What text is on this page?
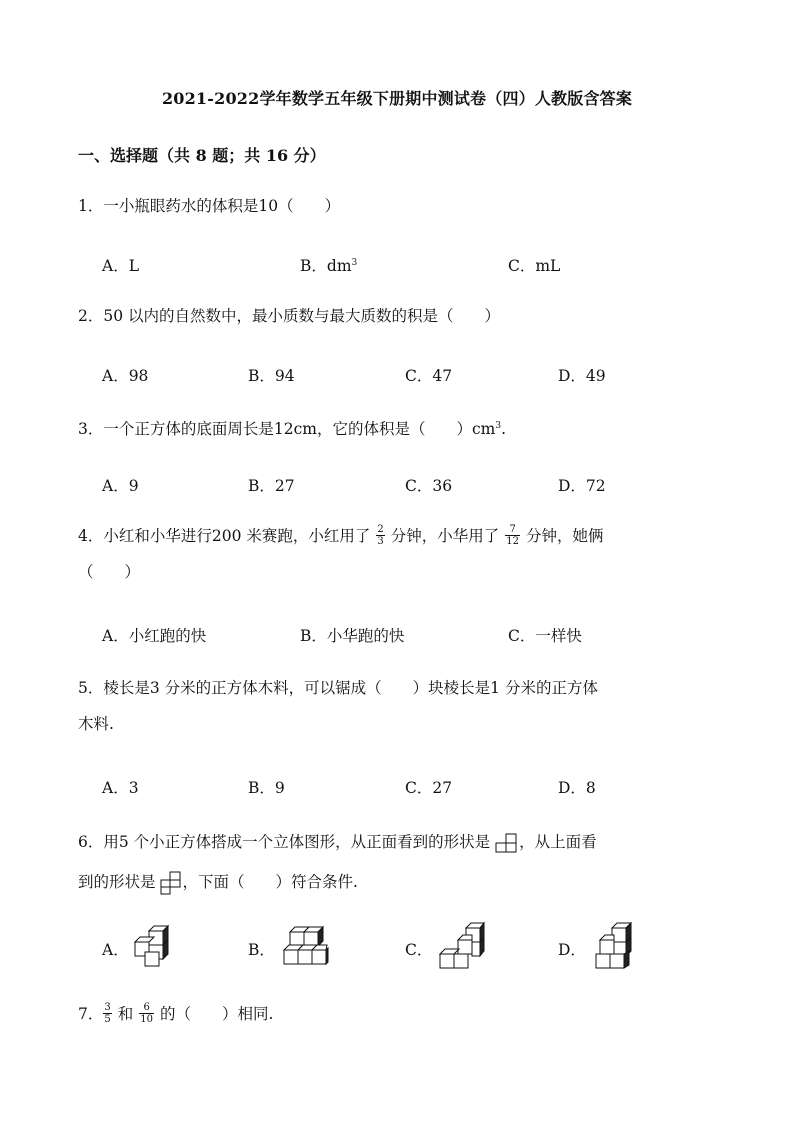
2021-2022学年数学五年级下册期中测试卷（四）人教版含答案
一、选择题（共 8 题；共 16 分）
1．一小瓶眼药水的体积是10（　　）
A．L	B．$dm^3$	C．mL
2．50 以内的自然数中，最小质数与最大质数的积是（　　）
A．98	B．94	C．47	D．49
3．一个正方体的底面周长是12cm，它的体积是（　　）$cm^3$.
A．9	B．27	C．36	D．72
4．小红和小华进行200 米赛跑，小红用了 $\frac{2}{3}$ 分钟，小华用了 $\frac{7}{12}$ 分钟，她俩
（　　）
A．小红跑的快	B．小华跑的快	C．一样快
5．棱长是3 分米的正方体木料，可以锯成（　　）块棱长是1 分米的正方体
木料.
A．3	B．9	C．27	D．8
6．用5 个小正方体搭成一个立体图形，从正面看到的形状是 ，从上面看
到的形状是 ，下面（　　）符合条件.
A．	B．	C．	D．
7． $\frac{3}{5}$ 和 $\frac{6}{10}$ 的（　　）相同.
